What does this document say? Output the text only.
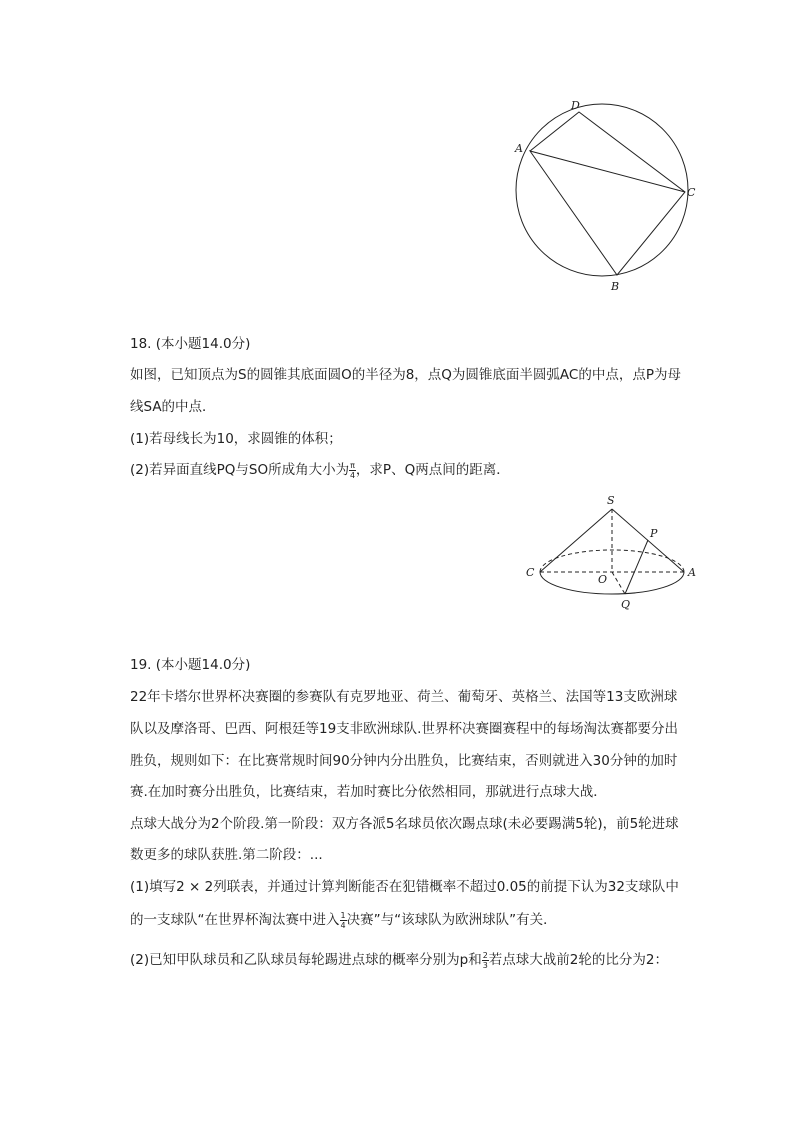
D
A
C
B
18. (本小题14.0分)
如图，已知顶点为S的圆锥其底面圆O的半径为8，点Q为圆锥底面半圆弧AC的中点，点P为母
线SA的中点．
(1)若母线长为10，求圆锥的体积；
(2)若异面直线PQ与SO所成角大小为 $\frac{\pi}{4}$ ，求P、Q两点间的距离．
S
P
C
O
A
Q
19. (本小题14.0分)
22年卡塔尔世界杯决赛圈的参赛队有克罗地亚、荷兰、葡萄牙、英格兰、法国等13支欧洲球
队以及摩洛哥、巴西、阿根廷等19支非欧洲球队.世界杯决赛圈赛程中的每场淘汰赛都要分出
胜负，规则如下：在比赛常规时间90分钟内分出胜负，比赛结束，否则就进入30分钟的加时
赛.在加时赛分出胜负，比赛结束，若加时赛比分依然相同，那就进行点球大战．
点球大战分为2个阶段.第一阶段：双方各派5名球员依次踢点球(未必要踢满5轮)，前5轮进球
数更多的球队获胜.第二阶段：...
(1)填写2 × 2列联表，并通过计算判断能否在犯错概率不超过0.05的前提下认为32支球队中
的一支球队“在世界杯淘汰赛中进入 $\frac{1}{4}$ 决赛”与“该球队为欧洲球队”有关．
(2)已知甲队球员和乙队球员每轮踢进点球的概率分别为p和 $\frac{2}{3}$ 若点球大战前2轮的比分为2：
